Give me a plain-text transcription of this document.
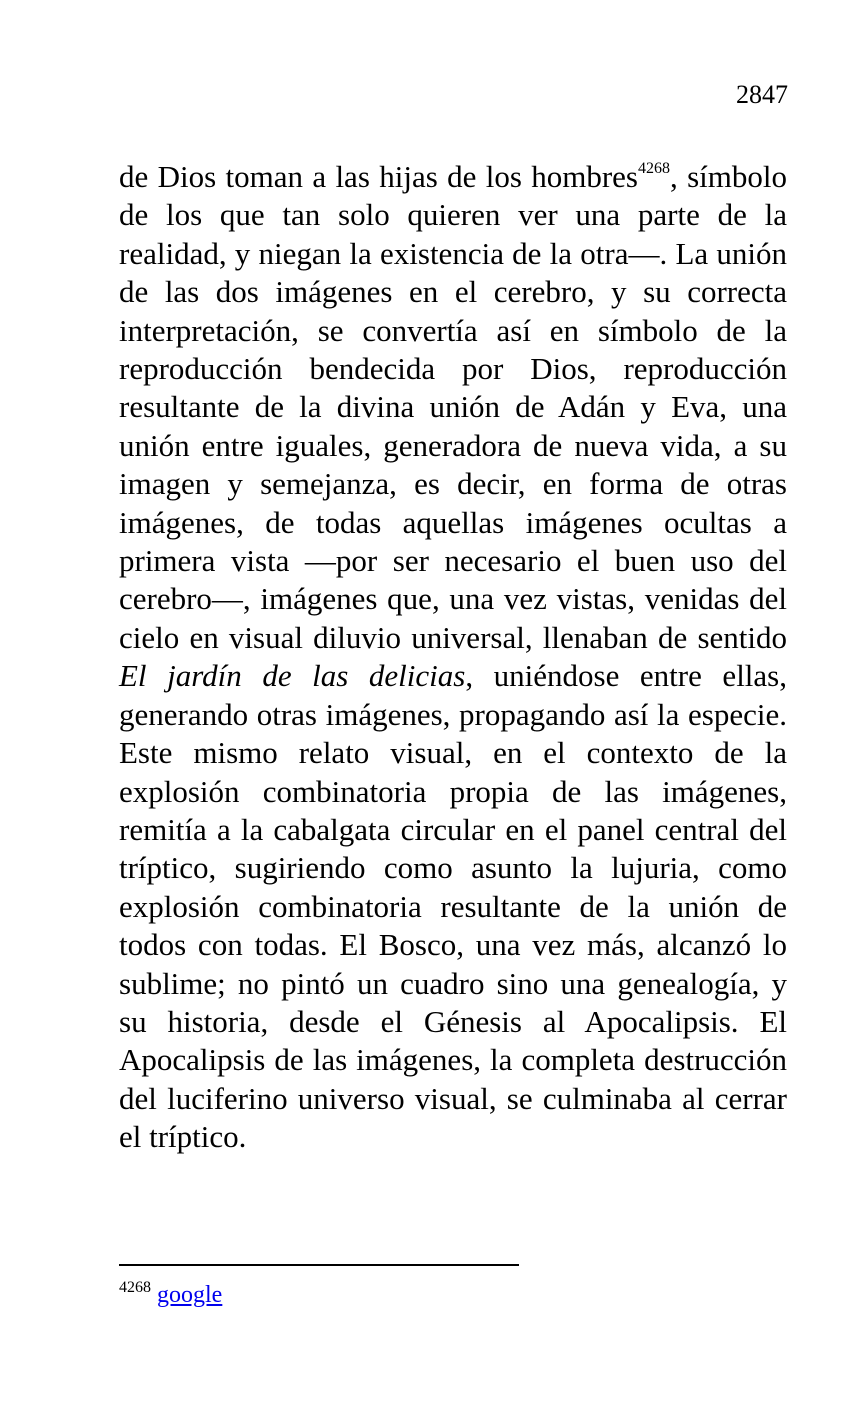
2847

de Dios toman a las hijas de los hombres$^{4268}$, símbolo de los que tan solo quieren ver una parte de la realidad, y niegan la existencia de la otra―. La unión de las dos imágenes en el cerebro, y su correcta interpretación, se convertía así en símbolo de la reproducción bendecida por Dios, reproducción resultante de la divina unión de Adán y Eva, una unión entre iguales, generadora de nueva vida, a su imagen y semejanza, es decir, en forma de otras imágenes, de todas aquellas imágenes ocultas a primera vista ―por ser necesario el buen uso del cerebro―, imágenes que, una vez vistas, venidas del cielo en visual diluvio universal, llenaban de sentido El jardín de las delicias, uniéndose entre ellas, generando otras imágenes, propagando así la especie. Este mismo relato visual, en el contexto de la explosión combinatoria propia de las imágenes, remitía a la cabalgata circular en el panel central del tríptico, sugiriendo como asunto la lujuria, como explosión combinatoria resultante de la unión de todos con todas. El Bosco, una vez más, alcanzó lo sublime; no pintó un cuadro sino una genealogía, y su historia, desde el Génesis al Apocalipsis. El Apocalipsis de las imágenes, la completa destrucción del luciferino universo visual, se culminaba al cerrar el tríptico.

$^{4268}$ google
